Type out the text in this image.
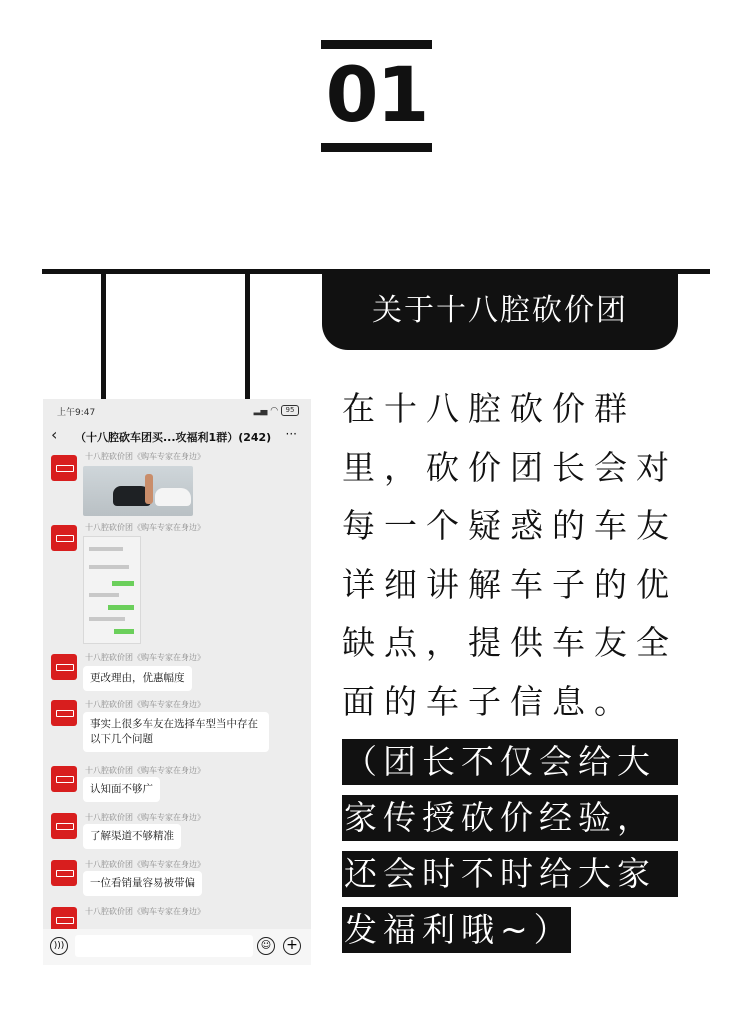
01
关于十八腔砍价团
在十八腔砍价群
里，砍价团长会对
每一个疑惑的车友
详细讲解车子的优
缺点，提供车友全
面的车子信息。
（团长不仅会给大
家传授砍价经验，
还会时不时给大家
发福利哦~）
上午9:47	▂▄ ◠ 95
‹ （十八腔砍车团买...攻福利1群）(242) ···
十八腔砍价团《购车专家在身边》
十八腔砍价团《购车专家在身边》
十八腔砍价团《购车专家在身边》
更改理由，优惠幅度
十八腔砍价团《购车专家在身边》
事实上很多车友在选择车型当中存在以下几个问题
十八腔砍价团《购车专家在身边》
认知面不够广
十八腔砍价团《购车专家在身边》
了解渠道不够精准
十八腔砍价团《购车专家在身边》
一位看销量容易被带偏
十八腔砍价团《购车专家在身边》
)))	☺ +
